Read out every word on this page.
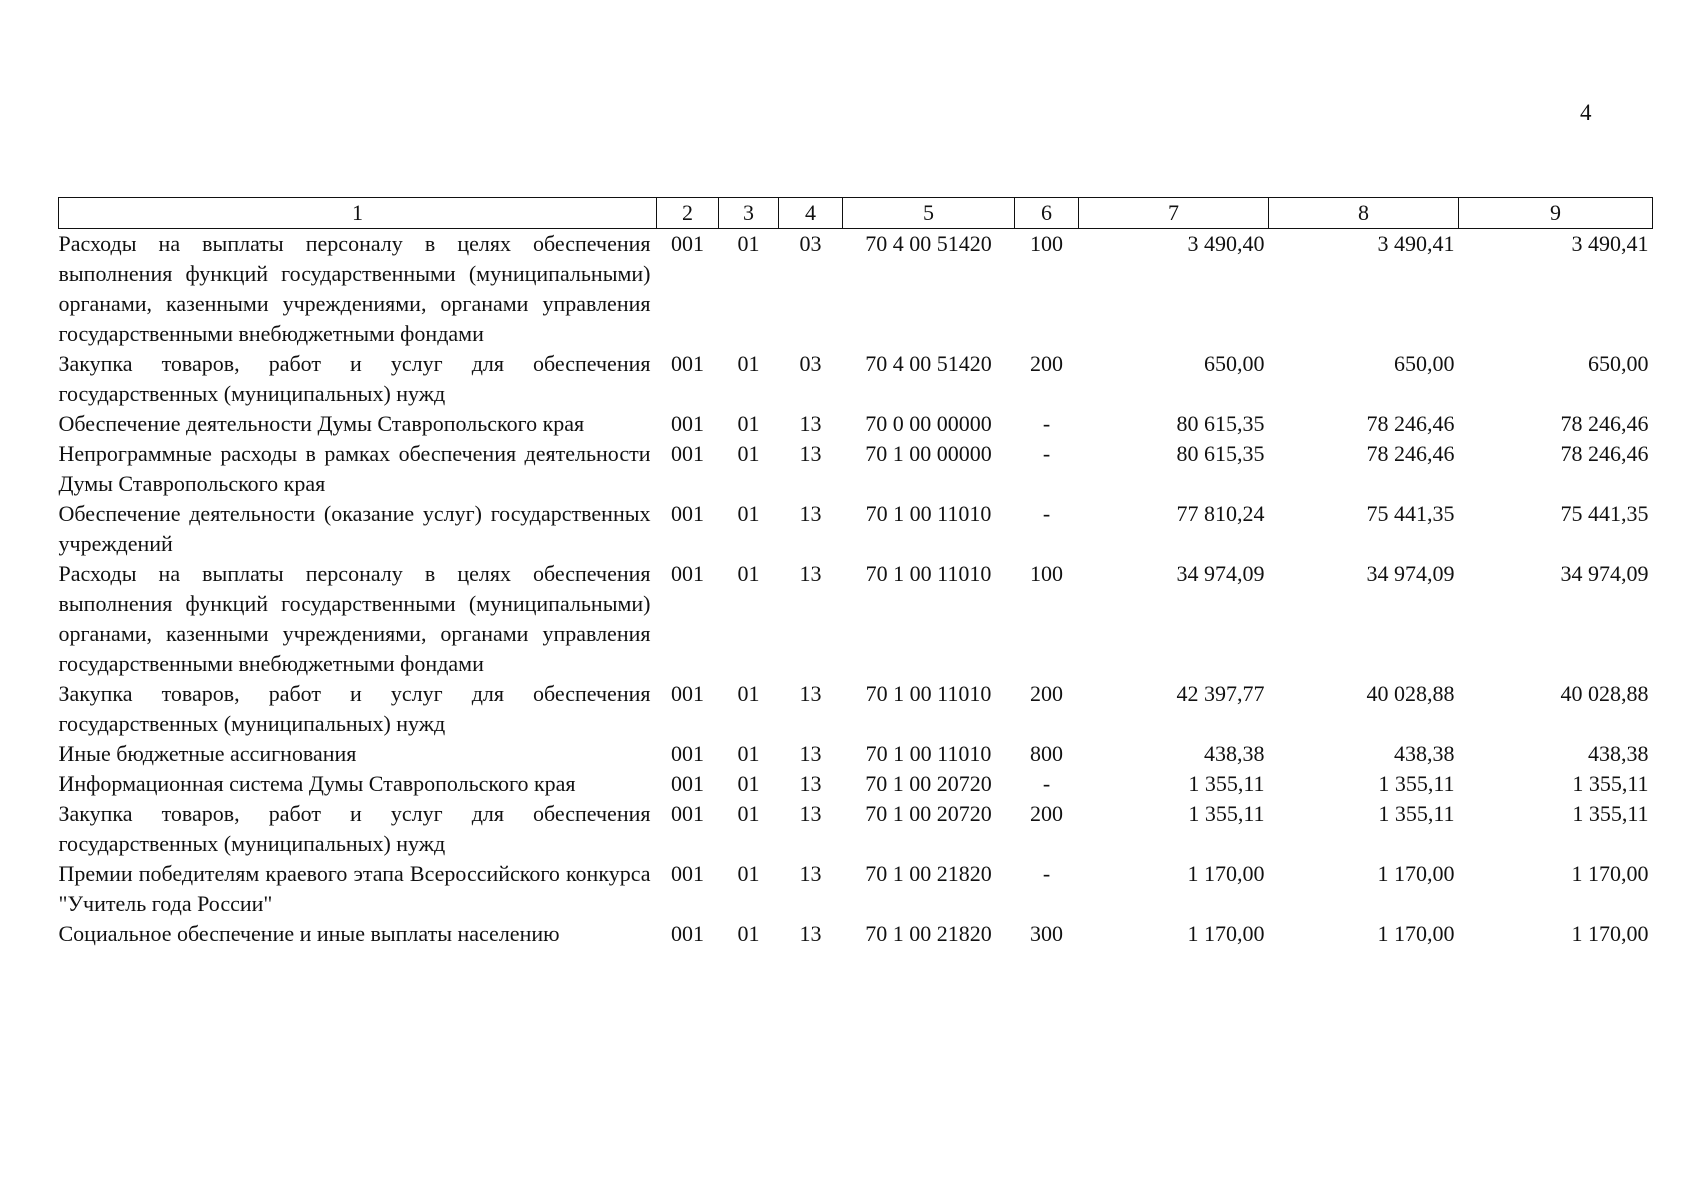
4
1	2	3	4	5	6	7	8	9
Расходы на выплаты персоналу в целях обеспечения выполнения функций государственными (муниципальными) органами, казенными учреждениями, органами управления государственными внебюджетными фондами	001	01	03	70 4 00 51420	100	3 490,40	3 490,41	3 490,41
Закупка товаров, работ и услуг для обеспечения государственных (муниципальных) нужд	001	01	03	70 4 00 51420	200	650,00	650,00	650,00
Обеспечение деятельности Думы Ставропольского края	001	01	13	70 0 00 00000	-	80 615,35	78 246,46	78 246,46
Непрограммные расходы в рамках обеспечения деятельности Думы Ставропольского края	001	01	13	70 1 00 00000	-	80 615,35	78 246,46	78 246,46
Обеспечение деятельности (оказание услуг) государственных учреждений	001	01	13	70 1 00 11010	-	77 810,24	75 441,35	75 441,35
Расходы на выплаты персоналу в целях обеспечения выполнения функций государственными (муниципальными) органами, казенными учреждениями, органами управления государственными внебюджетными фондами	001	01	13	70 1 00 11010	100	34 974,09	34 974,09	34 974,09
Закупка товаров, работ и услуг для обеспечения государственных (муниципальных) нужд	001	01	13	70 1 00 11010	200	42 397,77	40 028,88	40 028,88
Иные бюджетные ассигнования	001	01	13	70 1 00 11010	800	438,38	438,38	438,38
Информационная система Думы Ставропольского края	001	01	13	70 1 00 20720	-	1 355,11	1 355,11	1 355,11
Закупка товаров, работ и услуг для обеспечения государственных (муниципальных) нужд	001	01	13	70 1 00 20720	200	1 355,11	1 355,11	1 355,11
Премии победителям краевого этапа Всероссийского конкурса "Учитель года России"	001	01	13	70 1 00 21820	-	1 170,00	1 170,00	1 170,00
Социальное обеспечение и иные выплаты населению	001	01	13	70 1 00 21820	300	1 170,00	1 170,00	1 170,00
